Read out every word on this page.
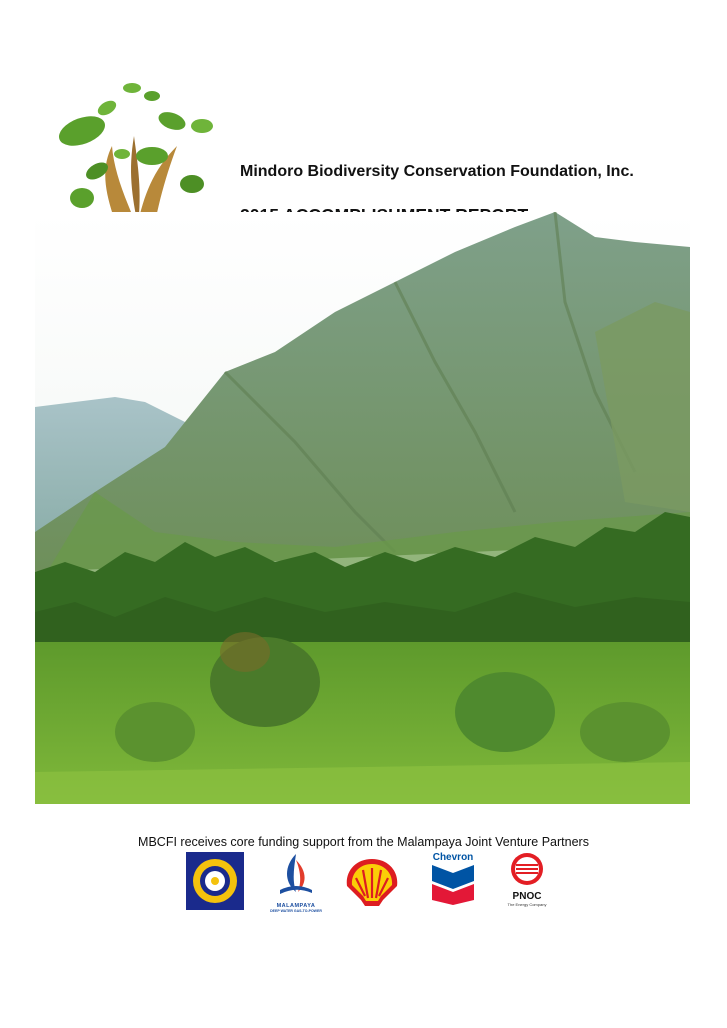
Mindoro Biodiversity Conservation Foundation, Inc.
MBCFI receives core funding support from the Malampaya Joint Venture Partners
MALAMPAYA
DEEP WATER GAS-TO-POWER
Chevron
PNOC
The Energy Company
